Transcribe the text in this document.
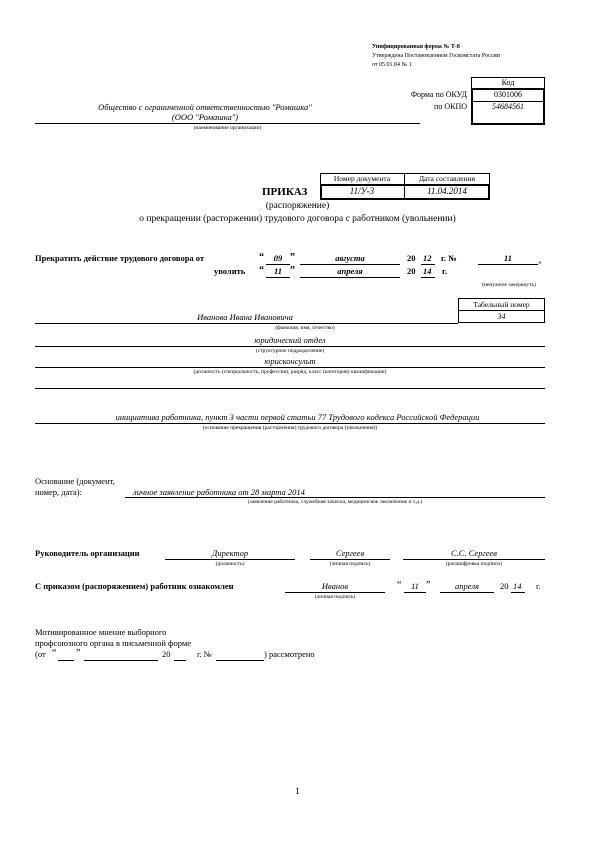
Унифицированная форма № Т-8
Утверждена Постановлением Госкомстата России
от 05.01.04 № 1
Код
Форма по ОКУД	0301006
по ОКПО	54684561
Общество с ограниченной ответственностью "Ромашка"
(ООО "Ромашка")
(наименование организации)
Номер документа	Дата составления
11/У-3	11.04.2014
ПРИКАЗ
(распоряжение)
о прекращении (расторжении) трудового договора с работником (увольнении)
Прекратить действие трудового договора от	“	09 ”	августа	20 12 г. №	11	,
уволить “	11 ”	апреля	20 14 г.
(ненужное зачеркнуть)
Табельный номер
34
Иванова Ивана Ивановича
(фамилия, имя, отчество)
юридический отдел
(структурное подразделение)
юрисконсульт
(должность (специальность, профессия), разряд, класс (категория) квалификации)
инициатива работника, пункт 3 части первой статьи 77 Трудового кодекса Российской Федерации
(основание прекращения (расторжения) трудового договора (увольнения))
Основание (документ,
номер, дата):	личное заявление работника от 28 марта 2014
(заявление работника, служебная записка, медицинское заключение и т.д.)
Руководитель организации	Директор
(должность)
Сергеев
(личная подпись)
С.С. Сергеев
(расшифровка подписи)
С приказом (распоряжением) работник ознакомлен	Иванов
(личная подпись)
“	11 ”	апреля	20 14 г.
Мотивированное мнение выборного
профсоюзного органа в письменной форме
(от “ ”	20	г. №	) рассмотрено
1
